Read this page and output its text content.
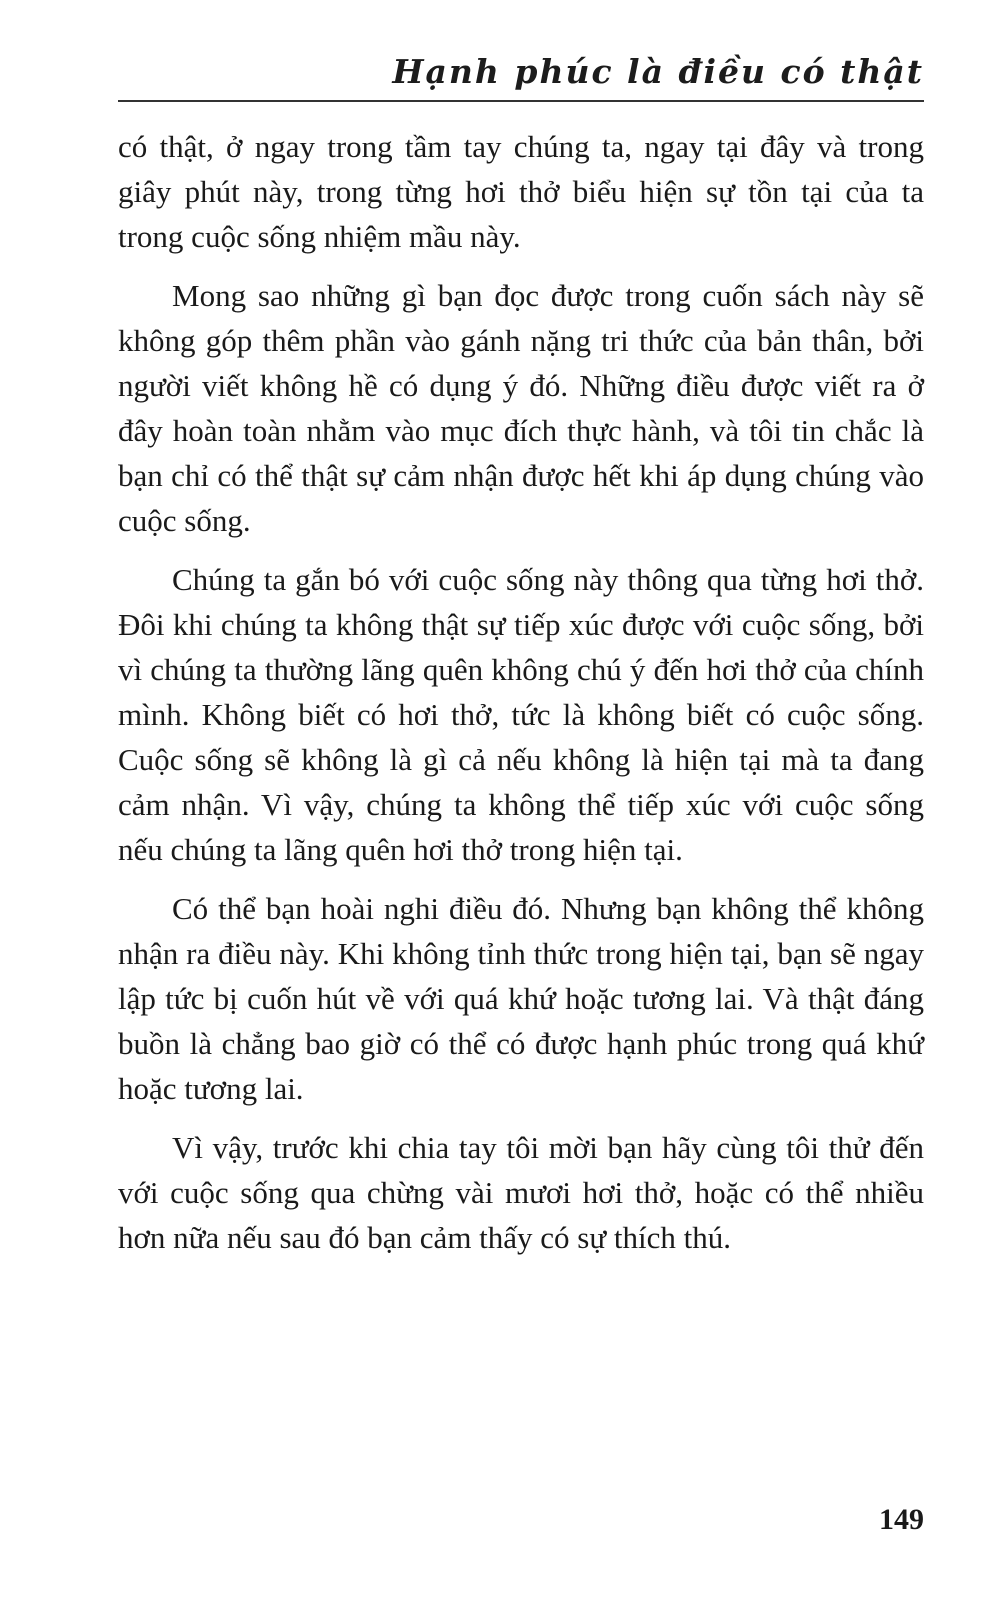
Hạnh phúc là điều có thật

có thật, ở ngay trong tầm tay chúng ta, ngay tại đây và trong giây phút này, trong từng hơi thở biểu hiện sự tồn tại của ta trong cuộc sống nhiệm mầu này.

Mong sao những gì bạn đọc được trong cuốn sách này sẽ không góp thêm phần vào gánh nặng tri thức của bản thân, bởi người viết không hề có dụng ý đó. Những điều được viết ra ở đây hoàn toàn nhằm vào mục đích thực hành, và tôi tin chắc là bạn chỉ có thể thật sự cảm nhận được hết khi áp dụng chúng vào cuộc sống.

Chúng ta gắn bó với cuộc sống này thông qua từng hơi thở. Đôi khi chúng ta không thật sự tiếp xúc được với cuộc sống, bởi vì chúng ta thường lãng quên không chú ý đến hơi thở của chính mình. Không biết có hơi thở, tức là không biết có cuộc sống. Cuộc sống sẽ không là gì cả nếu không là hiện tại mà ta đang cảm nhận. Vì vậy, chúng ta không thể tiếp xúc với cuộc sống nếu chúng ta lãng quên hơi thở trong hiện tại.

Có thể bạn hoài nghi điều đó. Nhưng bạn không thể không nhận ra điều này. Khi không tỉnh thức trong hiện tại, bạn sẽ ngay lập tức bị cuốn hút về với quá khứ hoặc tương lai. Và thật đáng buồn là chẳng bao giờ có thể có được hạnh phúc trong quá khứ hoặc tương lai.

Vì vậy, trước khi chia tay tôi mời bạn hãy cùng tôi thử đến với cuộc sống qua chừng vài mươi hơi thở, hoặc có thể nhiều hơn nữa nếu sau đó bạn cảm thấy có sự thích thú.

149
